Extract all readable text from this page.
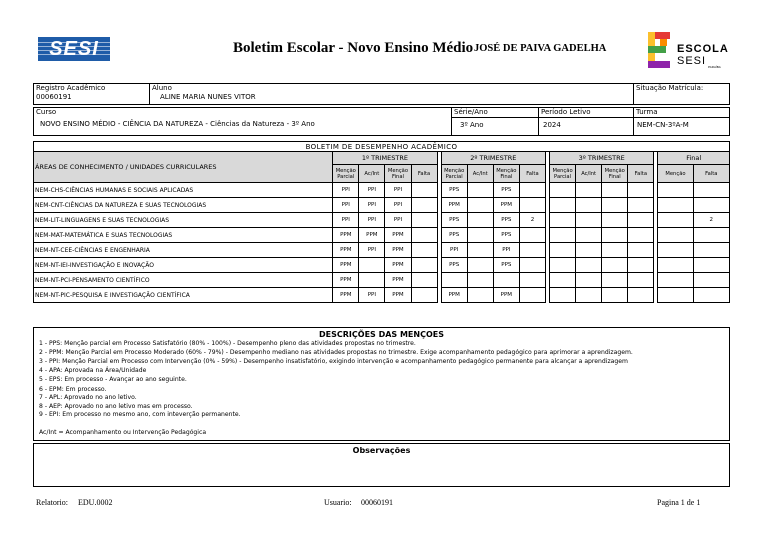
SESI	Boletim Escolar - Novo Ensino Médio JOSÉ DE PAIVA GADELHA	ESCOLA
SESI PARAÍBA
Registro Acadêmico
00060191
Aluno
ALINE MARIA NUNES VITOR
Situação Matrícula:
Curso
NOVO ENSINO MÉDIO - CIÊNCIA DA NATUREZA - Ciências da Natureza - 3º Ano
Série/Ano
3º Ano
Período Letivo
2024
Turma
NEM-CN-3ºA-M
BOLETIM DE DESEMPENHO ACADÊMICO																	
ÁREAS DE CONHECIMENTO / UNIDADES CURRICULARES	1º TRIMESTRE					2º TRIMESTRE					3º TRIMESTRE					Final	
	Menção Parcial	Ac/Int	Menção Final	Falta		Menção Parcial	Ac/Int	Menção Final	Falta		Menção Parcial	Ac/Int	Menção Final	Falta		Menção	Falta
NEM-CHS-CIÊNCIAS HUMANAS E SOCIAIS APLICADAS	PPI	PPI	PPI			PPS		PPS									
NEM-CNT-CIÊNCIAS DA NATUREZA E SUAS TECNOLOGIAS	PPI	PPI	PPI			PPM		PPM									
NEM-LIT-LINGUAGENS E SUAS TECNOLOGIAS	PPI	PPI	PPI			PPS		PPS	2								2
NEM-MAT-MATEMÁTICA E SUAS TECNOLOGIAS	PPM	PPM	PPM			PPS		PPS									
NEM-NT-CEE-CIÊNCIAS E ENGENHARIA	PPM	PPI	PPM			PPI		PPI									
NEM-NT-IEI-INVESTIGAÇÃO E INOVAÇÃO	PPM		PPM			PPS		PPS									
NEM-NT-PCI-PENSAMENTO CIENTÍFICO	PPM		PPM														
NEM-NT-PIC-PESQUISA E INVESTIGAÇÃO CIENTÍFICA	PPM	PPI	PPM			PPM		PPM									
DESCRIÇÕES DAS MENÇOES
1 - PPS: Menção parcial em Processo Satisfatório (80% - 100%) - Desempenho pleno das atividades propostas no trimestre.
2 - PPM: Menção Parcial em Processo Moderado (60% - 79%) - Desempenho mediano nas atividades propostas no trimestre. Exige acompanhamento pedagógico para aprimorar a aprendizagem.
3 - PPI: Menção Parcial em Processo com Intervenção (0% - 59%) - Desempenho insatisfatório, exigindo intervenção e acompanhamento pedagógico permanente para alcançar a aprendizagem
4 - APA: Aprovada na Área/Unidade
5 - EPS: Em processo - Avançar ao ano seguinte.
6 - EPM: Em processo.
7 - APL: Aprovado no ano letivo.
8 - AEP: Aprovado no ano letivo mas em processo.
9 - EPI: Em processo no mesmo ano, com inteverção permanente.
Ac/Int = Acompanhamento ou Intervenção Pedagógica
Observações
Relatorio: EDU.0002	Usuario: 00060191	Pagina 1 de 1
